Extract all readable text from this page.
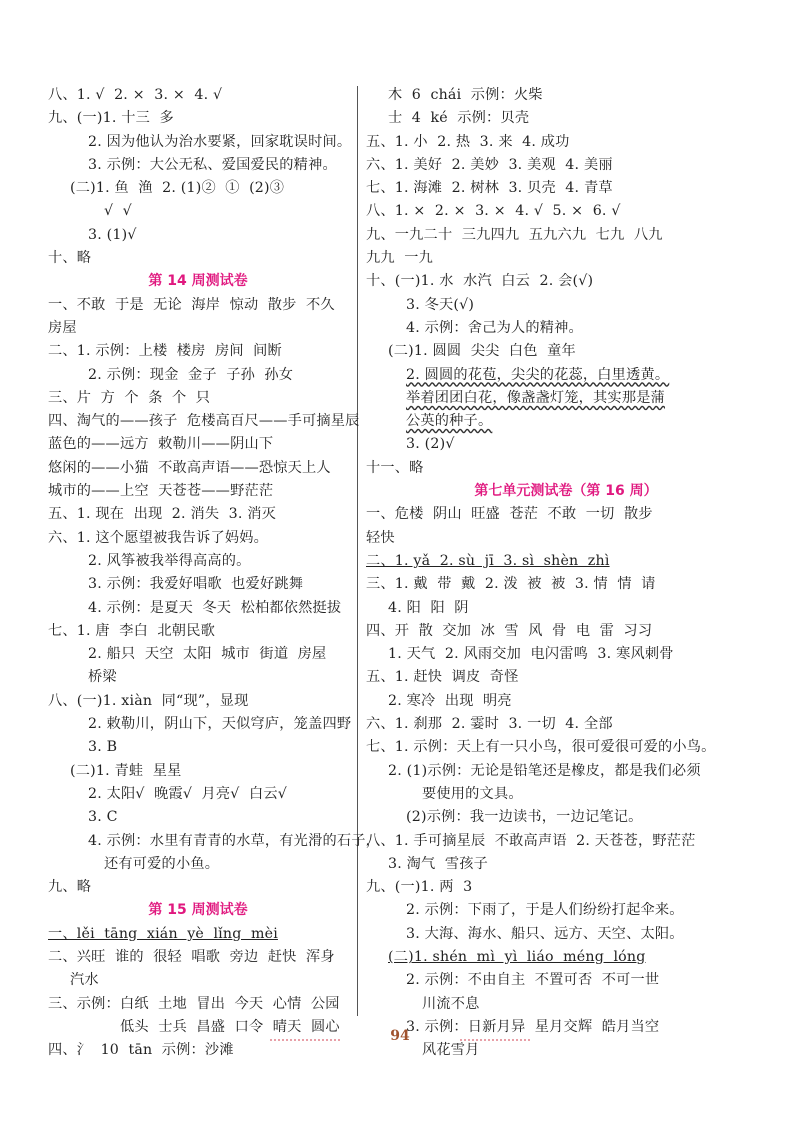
八、1. √  2. ×  3. ×  4. √
九、(一)1. 十三  多
2. 因为他认为治水要紧，回家耽误时间。
3. 示例：大公无私、爱国爱民的精神。
(二)1. 鱼  渔  2. (1)②  ①  (2)③
√  √
3. (1)√
十、略
第 14 周测试卷
一、不敢  于是  无论  海岸  惊动  散步  不久
房屋
二、1. 示例：上楼  楼房  房间  间断
2. 示例：现金  金子  子孙  孙女
三、片  方  个  条  个  只
四、淘气的——孩子  危楼高百尺——手可摘星辰
蓝色的——远方  敕勒川——阴山下
悠闲的——小猫  不敢高声语——恐惊天上人
城市的——上空  天苍苍——野茫茫
五、1. 现在  出现  2. 消失  3. 消灭
六、1. 这个愿望被我告诉了妈妈。
2. 风筝被我举得高高的。
3. 示例：我爱好唱歌  也爱好跳舞
4. 示例：是夏天  冬天  松柏都依然挺拔
七、1. 唐  李白  北朝民歌
2. 船只  天空  太阳  城市  街道  房屋
桥梁
八、(一)1. xiàn  同“现”，显现
2. 敕勒川，阴山下，天似穹庐，笼盖四野
3. B
(二)1. 青蛙  星星
2. 太阳√  晚霞√  月亮√  白云√
3. C
4. 示例：水里有青青的水草，有光滑的石子，
还有可爱的小鱼。
九、略
第 15 周测试卷
一、lěi  tāng  xián  yè  lǐng  mèi
二、兴旺  谁的  很轻  唱歌  旁边  赶快  浑身
汽水
三、示例：白纸  土地  冒出  今天  心情  公园
低头  士兵  昌盛  口令  晴天  圆心
四、氵  10  tān  示例：沙滩
木  6  chái  示例：火柴
士  4  ké  示例：贝壳
五、1. 小  2. 热  3. 来  4. 成功
六、1. 美好  2. 美妙  3. 美观  4. 美丽
七、1. 海滩  2. 树林  3. 贝壳  4. 青草
八、1. ×  2. ×  3. ×  4. √  5. ×  6. √
九、一九二十  三九四九  五九六九  七九  八九
九九  一九
十、(一)1. 水  水汽  白云  2. 会(√)
3. 冬天(√)
4. 示例：舍己为人的精神。
(二)1. 圆圆  尖尖  白色  童年
2. 圆圆的花苞，尖尖的花蕊，白里透黄。
举着团团白花，像盏盏灯笼，其实那是蒲
公英的种子。
3. (2)√
十一、略
第七单元测试卷（第 16 周）
一、危楼  阴山  旺盛  苍茫  不敢  一切  散步
轻快
二、1. yǎ  2. sù  jī  3. sì  shèn  zhì
三、1. 戴  带  戴  2. 泼  被  被  3. 情  情  请
4. 阳  阳  阴
四、开  散  交加  冰  雪  风  骨  电  雷  习习
1. 天气  2. 风雨交加  电闪雷鸣  3. 寒风刺骨
五、1. 赶快  调皮  奇怪
2. 寒冷  出现  明亮
六、1. 刹那  2. 霎时  3. 一切  4. 全部
七、1. 示例：天上有一只小鸟，很可爱很可爱的小鸟。
2. (1)示例：无论是铅笔还是橡皮，都是我们必须
要使用的文具。
(2)示例：我一边读书，一边记笔记。
八、1. 手可摘星辰  不敢高声语  2. 天苍苍，野茫茫
3. 淘气  雪孩子
九、(一)1. 两  3
2. 示例：下雨了，于是人们纷纷打起伞来。
3. 大海、海水、船只、远方、天空、太阳。
(二)1. shén  mì  yì  liáo  méng  lóng
2. 示例：不由自主  不置可否  不可一世
川流不息
3. 示例：日新月异  星月交辉  皓月当空
风花雪月
94
